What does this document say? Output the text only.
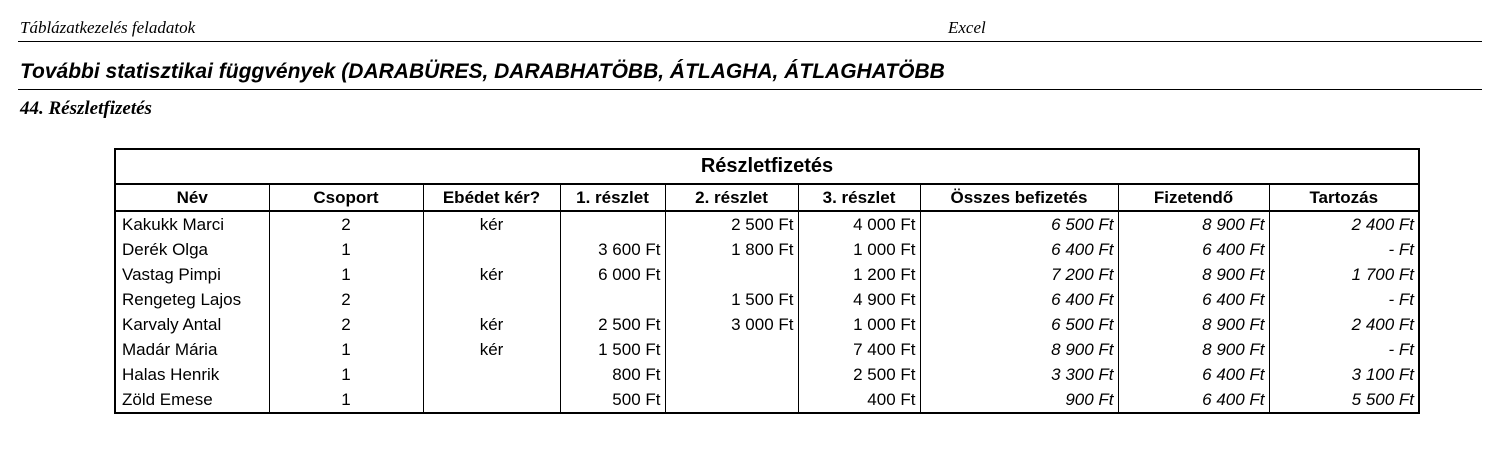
Táblázatkezelés feladatok	Excel
További statisztikai függvények (DARABÜRES, DARABHATÖBB, ÁTLAGHA, ÁTLAGHATÖBB
44. Részletfizetés
Részletfizetés								
Név	Csoport	Ebédet kér?	1. részlet	2. részlet	3. részlet	Összes befizetés	Fizetendő	Tartozás
Kakukk Marci	2	kér		2 500 Ft	4 000 Ft	6 500 Ft	8 900 Ft	2 400 Ft
Derék Olga	1		3 600 Ft	1 800 Ft	1 000 Ft	6 400 Ft	6 400 Ft	- Ft
Vastag Pimpi	1	kér	6 000 Ft		1 200 Ft	7 200 Ft	8 900 Ft	1 700 Ft
Rengeteg Lajos	2			1 500 Ft	4 900 Ft	6 400 Ft	6 400 Ft	- Ft
Karvaly Antal	2	kér	2 500 Ft	3 000 Ft	1 000 Ft	6 500 Ft	8 900 Ft	2 400 Ft
Madár Mária	1	kér	1 500 Ft		7 400 Ft	8 900 Ft	8 900 Ft	- Ft
Halas Henrik	1		800 Ft		2 500 Ft	3 300 Ft	6 400 Ft	3 100 Ft
Zöld Emese	1		500 Ft		400 Ft	900 Ft	6 400 Ft	5 500 Ft
